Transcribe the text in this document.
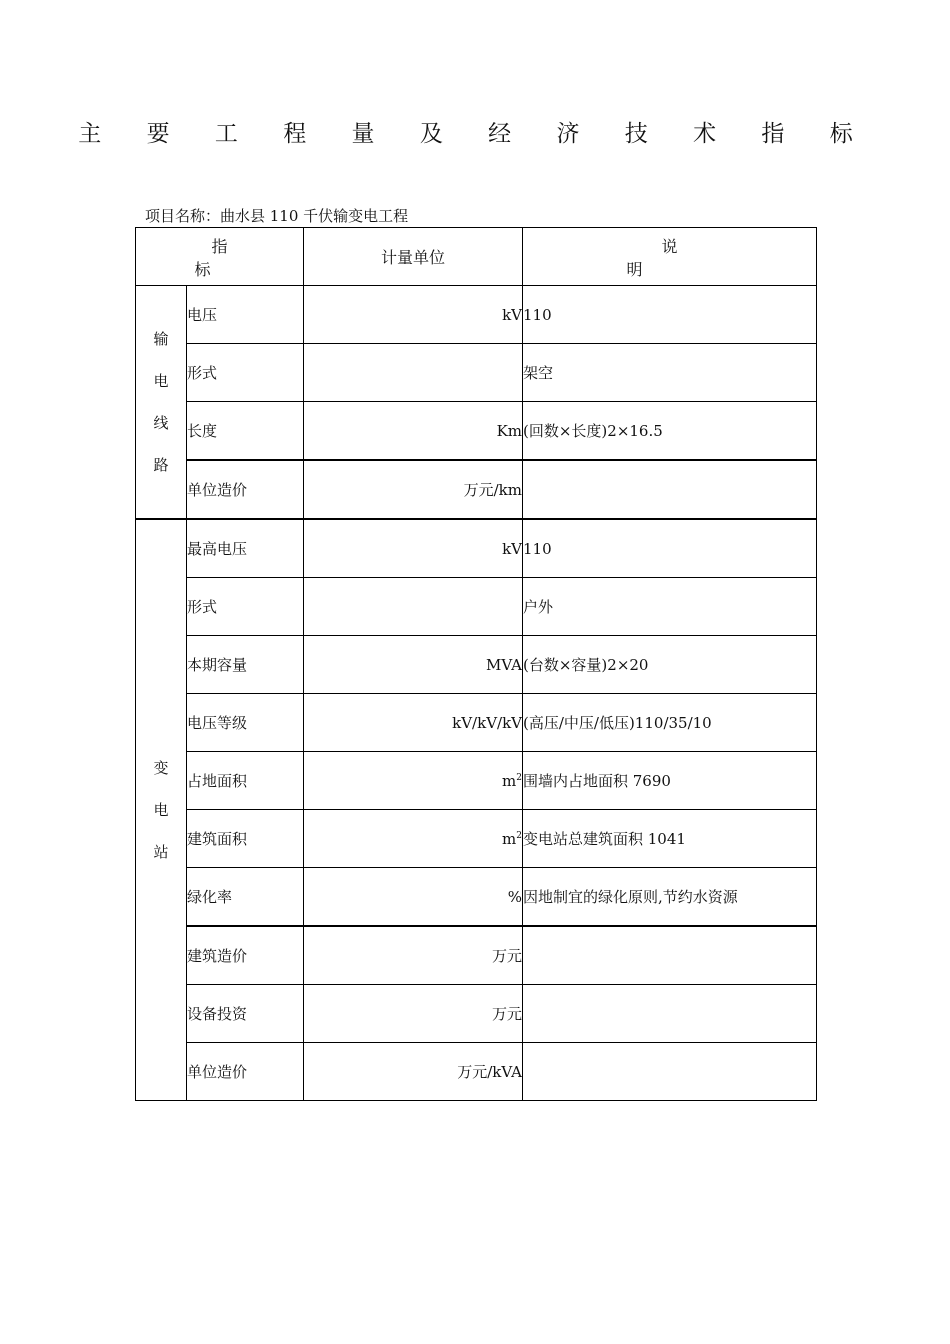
主 要 工 程 量 及 经 济 技 术 指 标
项目名称：曲水县 110 千伏输变电工程
指 标		计量单位	说 明

输
电
线
路	电压	kV	110
	形式		架空
	长度	Km	(回数×长度)2×16.5
	单位造价	万元/km	

变
电
站	最高电压	kV	110
	形式		户外
	本期容量	MVA	(台数×容量)2×20
	电压等级	kV/kV/kV	(高压/中压/低压)110/35/10
	占地面积	$m^2$	围墙内占地面积 7690
	建筑面积	$m^2$	变电站总建筑面积 1041
	绿化率	%	因地制宜的绿化原则,节约水资源
	建筑造价	万元	
	设备投资	万元	
	单位造价	万元/kVA	
